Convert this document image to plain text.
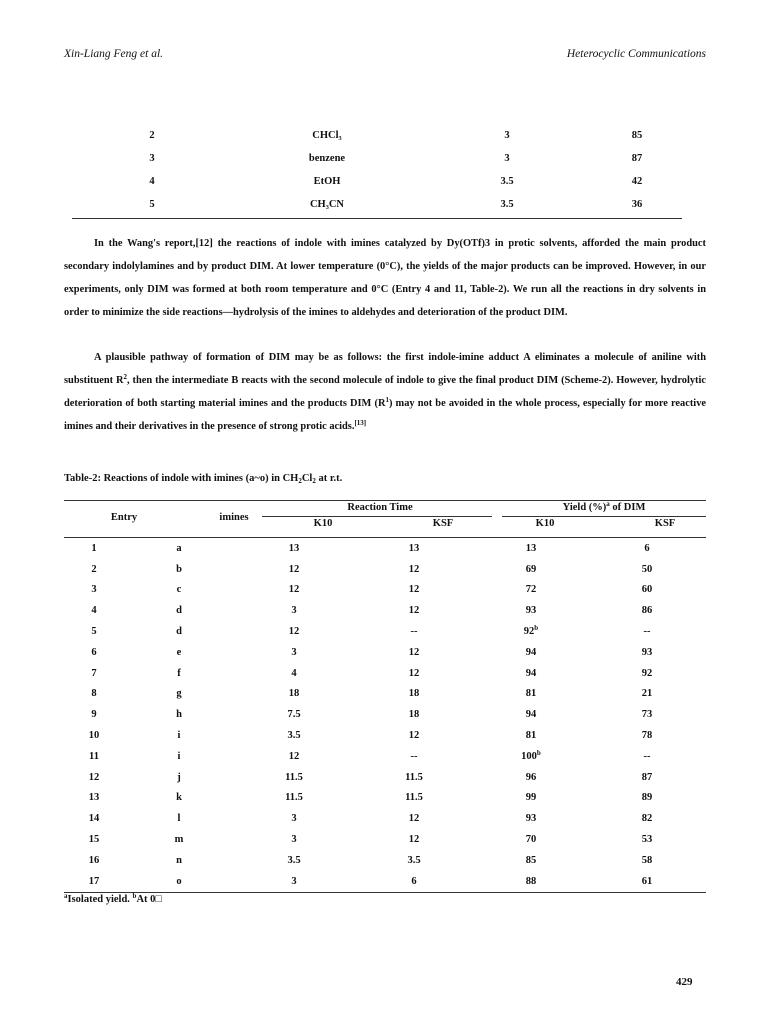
Xin-Liang Feng et al.	Heterocyclic Communications
2	CHCl₃	3	85
3	benzene	3	87
4	EtOH	3.5	42
5	CH₃CN	3.5	36
In the Wang's report,[12] the reactions of indole with imines catalyzed by Dy(OTf)3 in protic solvents, afforded the main product secondary indolylamines and by product DIM. At lower temperature (0°C), the yields of the major products can be improved. However, in our experiments, only DIM was formed at both room temperature and 0°C (Entry 4 and 11, Table-2). We run all the reactions in dry solvents in order to minimize the side reactions—hydrolysis of the imines to aldehydes and deterioration of the product DIM.
A plausible pathway of formation of DIM may be as follows: the first indole-imine adduct A eliminates a molecule of aniline with substituent $R^2$, then the intermediate B reacts with the second molecule of indole to give the final product DIM (Scheme-2). However, hydrolytic deterioration of both starting material imines and the products DIM $(R^1)$ may not be avoided in the whole process, especially for more reactive imines and their derivatives in the presence of strong protic acids.[13]
Table-2: Reactions of indole with imines (a~o) in $CH_2Cl_2$ at r.t.
Entry	imines
Reaction Time	Yield (%)$^a$ of DIM
K10	KSF	K10	KSF
1	a	13	13	13	6
2	b	12	12	69	50
3	c	12	12	72	60
4	d	3	12	93	86
5	d	12	--	92$^b$	--
6	e	3	12	94	93
7	f	4	12	94	92
8	g	18	18	81	21
9	h	7.5	18	94	73
10	i	3.5	12	81	78
11	i	12	--	100$^b$	--
12	j	11.5	11.5	96	87
13	k	11.5	11.5	99	89
14	l	3	12	93	82
15	m	3	12	70	53
16	n	3.5	3.5	85	58
17	o	3	6	88	61
$^a$Isolated yield. $^b$At 0□
429
